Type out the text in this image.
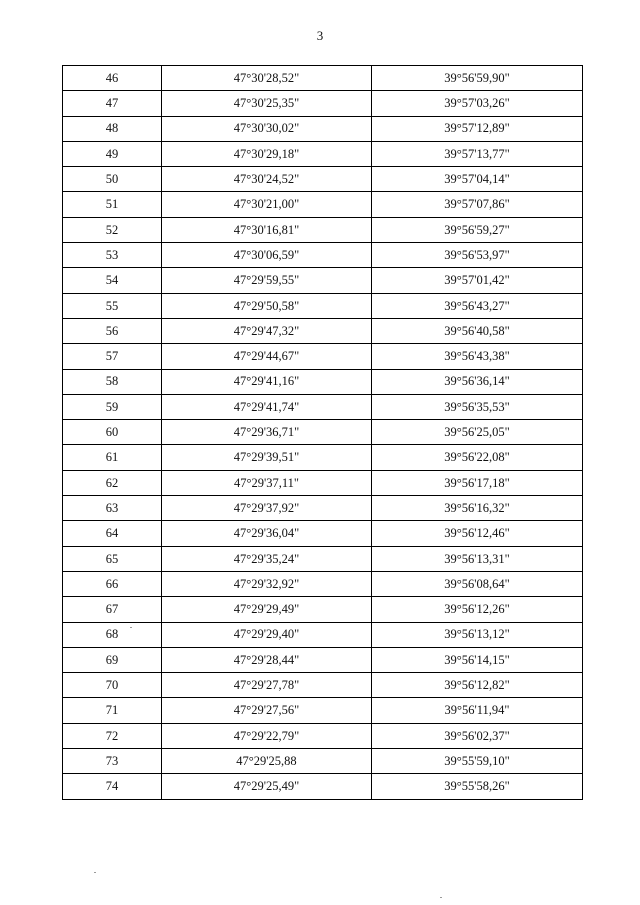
3
46	47°30'28,52"	39°56'59,90"
47	47°30'25,35"	39°57'03,26"
48	47°30'30,02"	39°57'12,89"
49	47°30'29,18"	39°57'13,77"
50	47°30'24,52"	39°57'04,14"
51	47°30'21,00"	39°57'07,86"
52	47°30'16,81"	39°56'59,27"
53	47°30'06,59"	39°56'53,97"
54	47°29'59,55"	39°57'01,42"
55	47°29'50,58"	39°56'43,27"
56	47°29'47,32"	39°56'40,58"
57	47°29'44,67"	39°56'43,38"
58	47°29'41,16"	39°56'36,14"
59	47°29'41,74"	39°56'35,53"
60	47°29'36,71"	39°56'25,05"
61	47°29'39,51"	39°56'22,08"
62	47°29'37,11"	39°56'17,18"
63	47°29'37,92"	39°56'16,32"
64	47°29'36,04"	39°56'12,46"
65	47°29'35,24"	39°56'13,31"
66	47°29'32,92"	39°56'08,64"
67	47°29'29,49"	39°56'12,26"
68	47°29'29,40"	39°56'13,12"
69	47°29'28,44"	39°56'14,15"
70	47°29'27,78"	39°56'12,82"
71	47°29'27,56"	39°56'11,94"
72	47°29'22,79"	39°56'02,37"
73	47°29'25,88	39°55'59,10"
74	47°29'25,49"	39°55'58,26"
